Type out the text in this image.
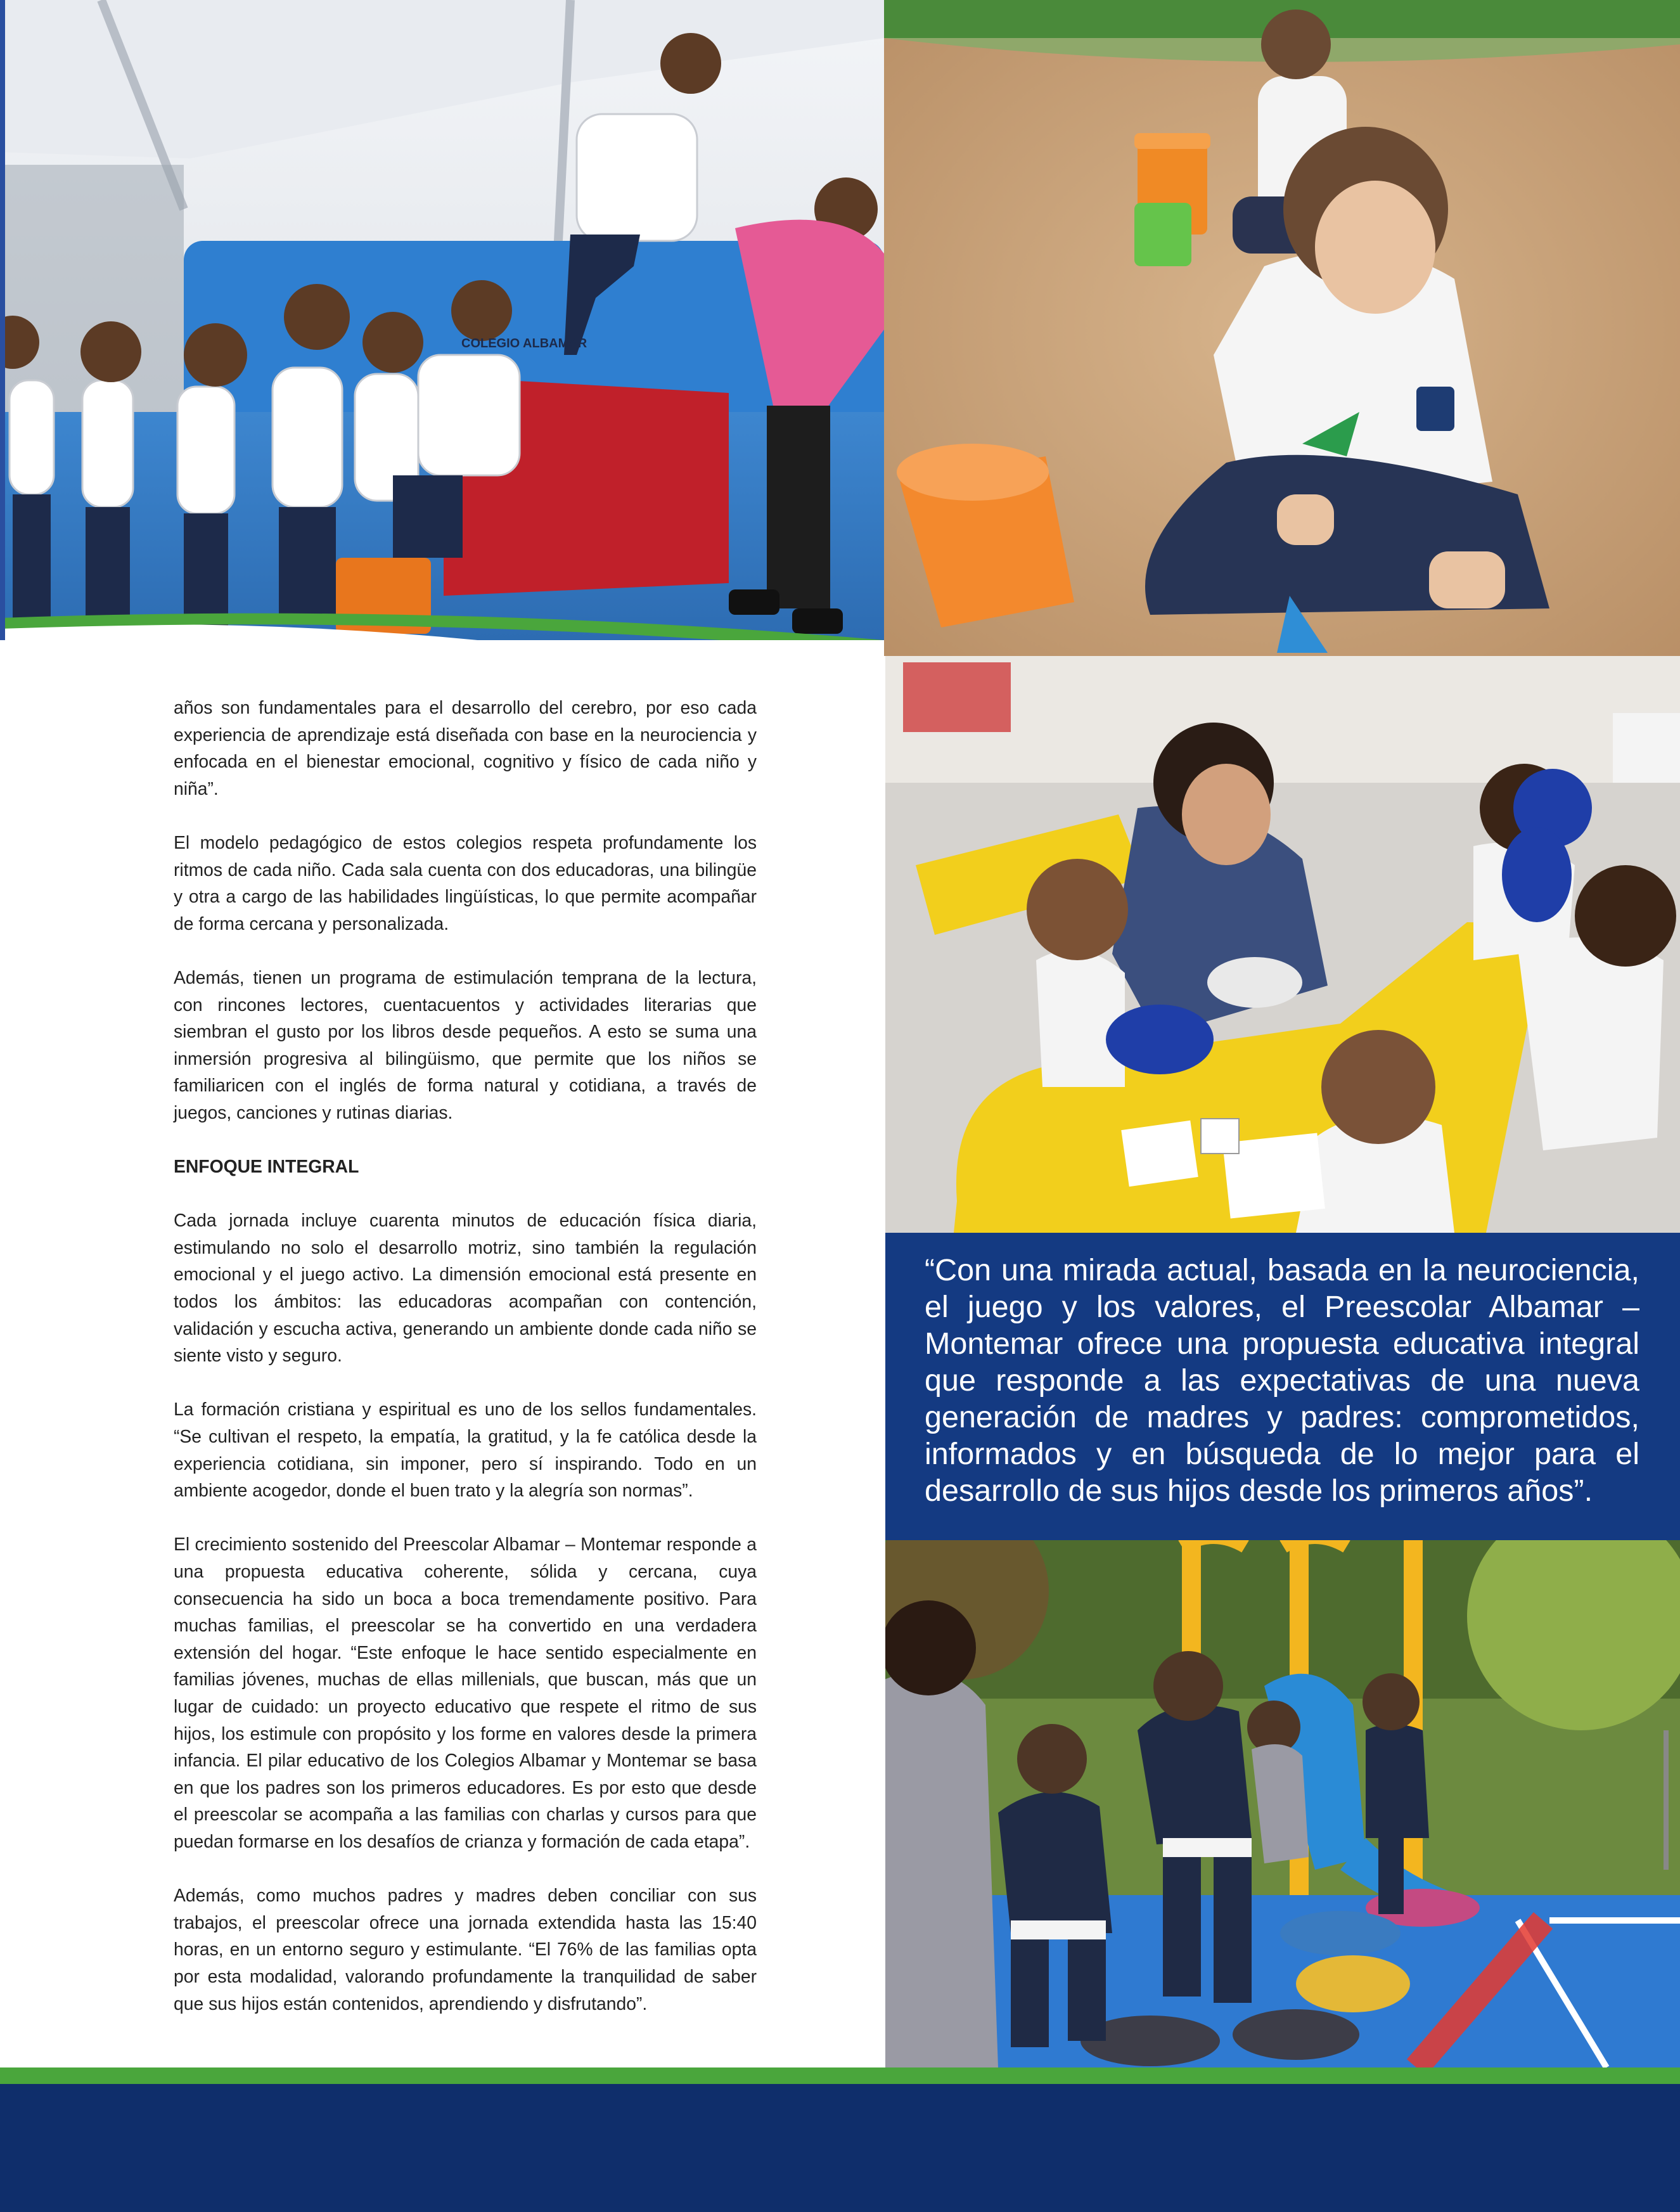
COLEGIO ALBAMAR

“Con una mirada actual, basada en la neurociencia, el juego y los valores, el Preescolar Albamar – Montemar ofrece una propuesta educativa integral que responde a las expectativas de una nueva generación de madres y padres: comprometidos, informados y en búsqueda de lo mejor para el desarrollo de sus hijos desde los primeros años”.

años son fundamentales para el desarrollo del cerebro, por eso cada experiencia de aprendizaje está diseñada con base en la neurociencia y enfocada en el bienestar emocional, cognitivo y físico de cada niño y niña”.

El modelo pedagógico de estos colegios respeta profundamente los ritmos de cada niño. Cada sala cuenta con dos educadoras, una bilingüe y otra a cargo de las habilidades lingüísticas, lo que permite acompañar de forma cercana y personalizada.

Además, tienen un programa de estimulación temprana de la lectura, con rincones lectores, cuentacuentos y actividades literarias que siembran el gusto por los libros desde pequeños. A esto se suma una inmersión progresiva al bilingüismo, que permite que los niños se familiaricen con el inglés de forma natural y cotidiana, a través de juegos, canciones y rutinas diarias.

ENFOQUE INTEGRAL

Cada jornada incluye cuarenta minutos de educación física diaria, estimulando no solo el desarrollo motriz, sino también la regulación emocional y el juego activo. La dimensión emocional está presente en todos los ámbitos: las educadoras acompañan con contención, validación y escucha activa, generando un ambiente donde cada niño se siente visto y seguro.

La formación cristiana y espiritual es uno de los sellos fundamentales. “Se cultivan el respeto, la empatía, la gratitud, y la fe católica desde la experiencia cotidiana, sin imponer, pero sí inspirando. Todo en un ambiente acogedor, donde el buen trato y la alegría son normas”.

El crecimiento sostenido del Preescolar Albamar – Montemar responde a una propuesta educativa coherente, sólida y cercana, cuya consecuencia ha sido un boca a boca tremendamente positivo. Para muchas familias, el preescolar se ha convertido en una verdadera extensión del hogar. “Este enfoque le hace sentido especialmente en familias jóvenes, muchas de ellas millenials, que buscan, más que un lugar de cuidado: un proyecto educativo que respete el ritmo de sus hijos, los estimule con propósito y los forme en valores desde la primera infancia. El pilar educativo de los Colegios Albamar y Montemar se basa en que los padres son los primeros educadores. Es por esto que desde el preescolar se acompaña a las familias con charlas y cursos para que puedan formarse en los desafíos de crianza y formación de cada etapa”.

Además, como muchos padres y madres deben conciliar con sus trabajos, el preescolar ofrece una jornada extendida hasta las 15:40 horas, en un entorno seguro y estimulante. “El 76% de las familias opta por esta modalidad, valorando profundamente la tranquilidad de saber que sus hijos están contenidos, aprendiendo y disfrutando”.
